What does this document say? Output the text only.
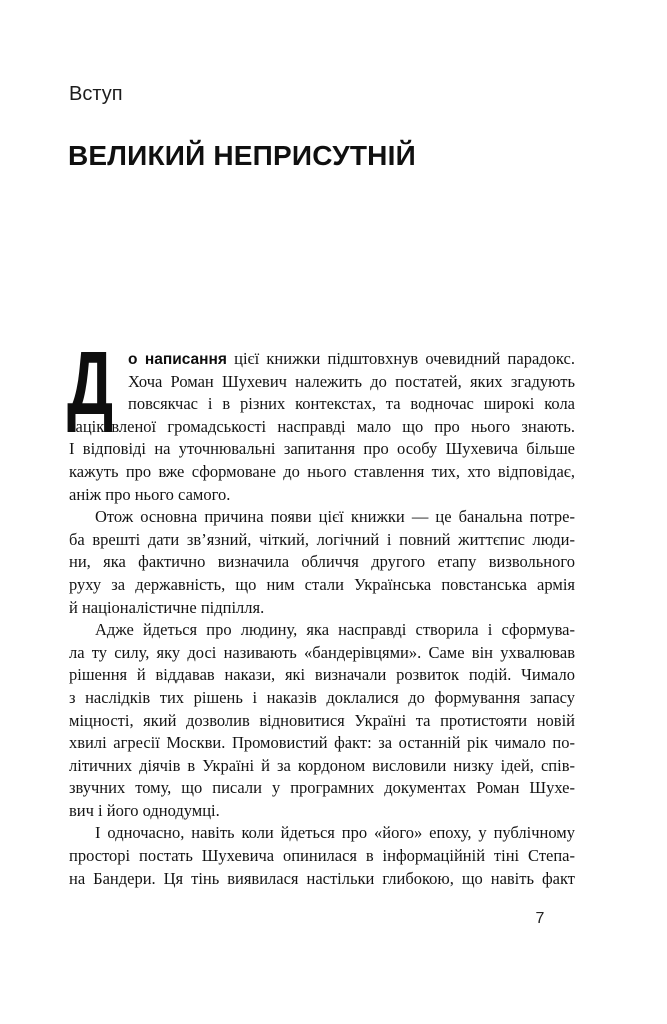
Вступ
ВЕЛИКИЙ НЕПРИСУТНІЙ
Д о написання цієї книжки підштовхнув очевидний парадокс.
Хоча Роман Шухевич належить до постатей, яких згадують
повсякчас і в різних контекстах, та водночас широкі кола
зацікавленої громадськості насправді мало що про нього знають.
І відповіді на уточнювальні запитання про особу Шухевича більше
кажуть про вже сформоване до нього ставлення тих, хто відповідає,
аніж про нього самого.
Отож основна причина появи цієї книжки — це банальна потре-
ба врешті дати зв’язний, чіткий, логічний і повний життєпис люди-
ни, яка фактично визначила обличчя другого етапу визвольного
руху за державність, що ним стали Українська повстанська армія
й націоналістичне підпілля.
Адже йдеться про людину, яка насправді створила і сформува-
ла ту силу, яку досі називають «бандерівцями». Саме він ухвалював
рішення й віддавав накази, які визначали розвиток подій. Чимало
з наслідків тих рішень і наказів доклалися до формування запасу
міцності, який дозволив відновитися Україні та протистояти новій
хвилі агресії Москви. Промовистий факт: за останній рік чимало по-
літичних діячів в Україні й за кордоном висловили низку ідей, спів-
звучних тому, що писали у програмних документах Роман Шухе-
вич і його однодумці.
І одночасно, навіть коли йдеться про «його» епоху, у публічному
просторі постать Шухевича опинилася в інформаційній тіні Степа-
на Бандери. Ця тінь виявилася настільки глибокою, що навіть факт
7
